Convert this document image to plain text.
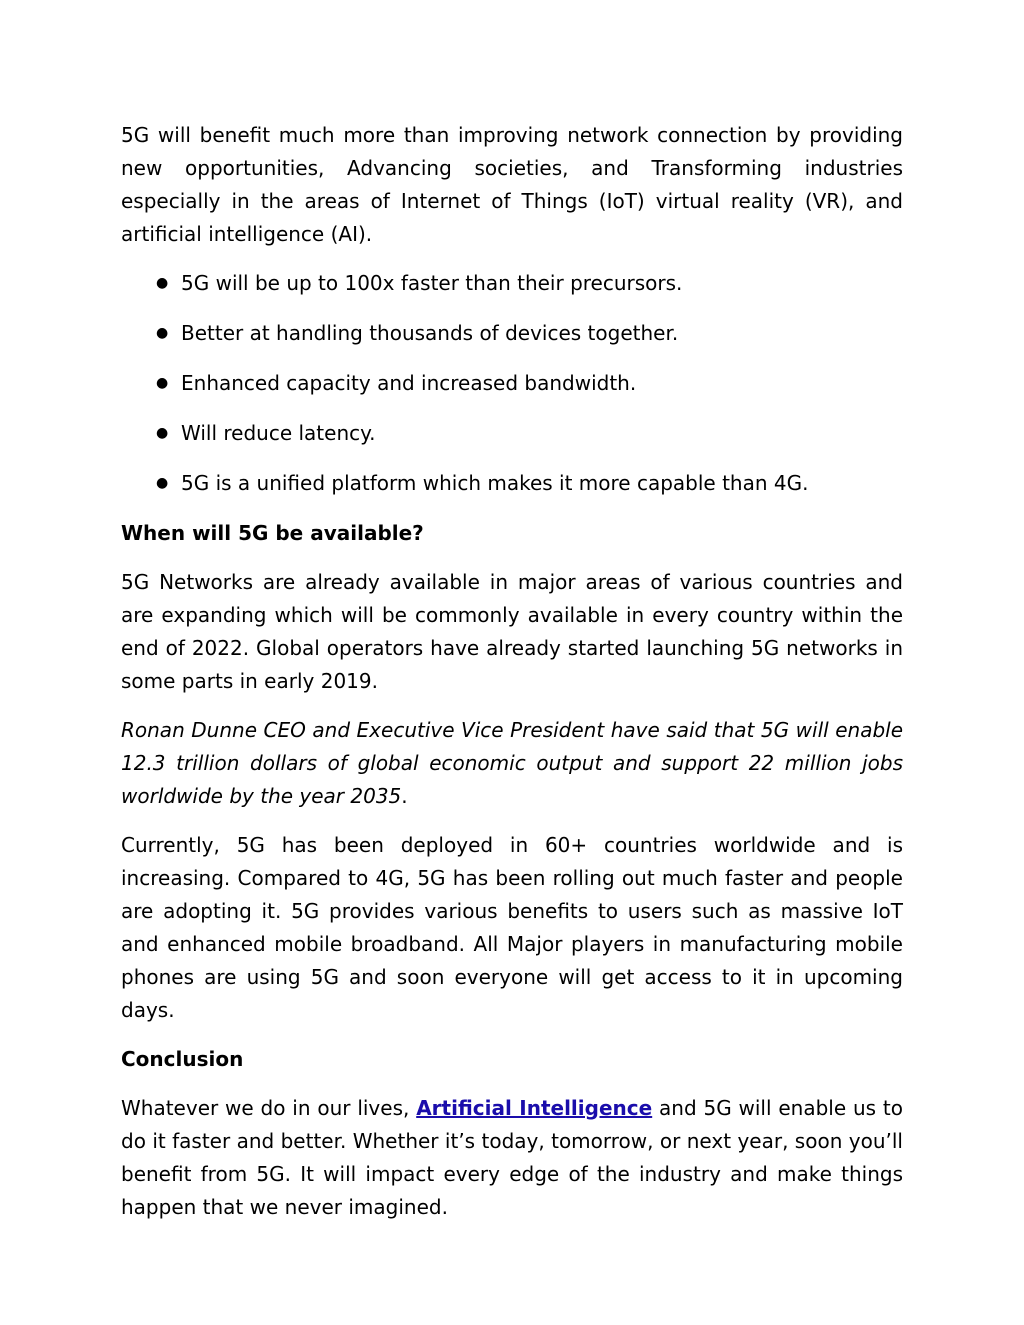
5G will benefit much more than improving network connection by providing new opportunities, Advancing societies, and Transforming industries especially in the areas of Internet of Things (IoT) virtual reality (VR), and artificial intelligence (AI).

● 5G will be up to 100x faster than their precursors.
● Better at handling thousands of devices together.
● Enhanced capacity and increased bandwidth.
● Will reduce latency.
● 5G is a unified platform which makes it more capable than 4G.

When will 5G be available?

5G Networks are already available in major areas of various countries and are expanding which will be commonly available in every country within the end of 2022. Global operators have already started launching 5G networks in some parts in early 2019.

Ronan Dunne CEO and Executive Vice President have said that 5G will enable 12.3 trillion dollars of global economic output and support 22 million jobs worldwide by the year 2035.

Currently, 5G has been deployed in 60+ countries worldwide and is increasing. Compared to 4G, 5G has been rolling out much faster and people are adopting it. 5G provides various benefits to users such as massive IoT and enhanced mobile broadband. All Major players in manufacturing mobile phones are using 5G and soon everyone will get access to it in upcoming days.

Conclusion

Whatever we do in our lives, Artificial Intelligence and 5G will enable us to do it faster and better. Whether it’s today, tomorrow, or next year, soon you’ll benefit from 5G. It will impact every edge of the industry and make things happen that we never imagined.
